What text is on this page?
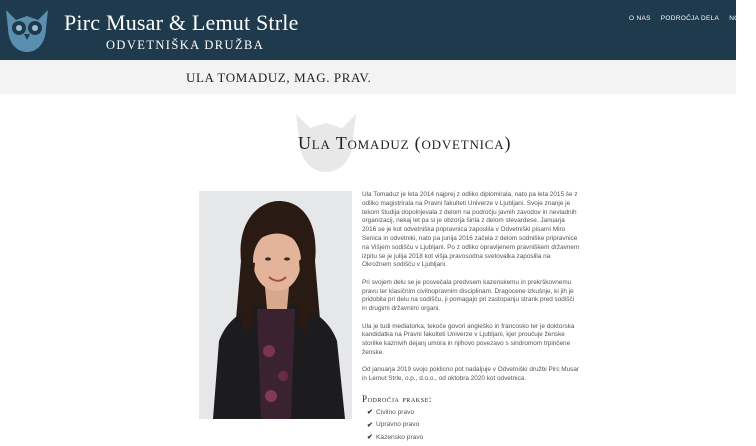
Pirc Musar & Lemut Strle
ODVETNIŠKA DRUŽBA
O NAS PODROČJA DELA NOVICE
ULA TOMADUZ, MAG. PRAV.
Ula Tomaduz (odvetnica)

Ula Tomaduz je leta 2014 najprej z odliko diplomirala, nato pa leta 2015 še z odliko magistrirala na Pravni fakulteti Univerze v Ljubljani. Svoje znanje je tekom študija dopolnjevala z delom na področju javnih zavodov in nevladnih organizacij, nekaj let pa si je obzorja širila z delom stevardese. Januarja 2016 se je kot odvetniška pripravnica zaposlila v Odvetniški pisarni Miro Senica in odvetniki, nato pa junija 2016 začela z delom sodniške pripravnice na Višjem sodišču v Ljubljani. Po z odliko opravljenem pravniškem državnem izpitu se je julija 2018 kot višja pravosodna svetovalka zaposlila na Okrožnem sodišču v Ljubljani.

Pri svojem delu se je posvečala predvsem kazenskemu in prekrškovnemu pravu ter klasičnim civilnopravnim disciplinam. Dragocene izkušnje, ki jih je pridobila pri delu na sodišču, ji pomagajo pri zastopanju strank pred sodišči in drugimi državnimi organi.

Ula je tudi mediatorka, tekoče govori angleško in francosko ter je doktorska kandidatka na Pravni fakulteti Univerze v Ljubljani, kjer proučuje ženske storilke kaznivih dejanj umora in njihovo povezavo s sindromom trpinčene ženske.

Od januarja 2019 svojo poklicno pot nadaljuje v Odvetniški družbi Pirc Musar in Lemut Strle, o.p., d.o.o., od oktobra 2020 kot odvetnica.

Področja prakse:
✔ Civilno pravo
✔ Upravno pravo
✔ Kazensko pravo
